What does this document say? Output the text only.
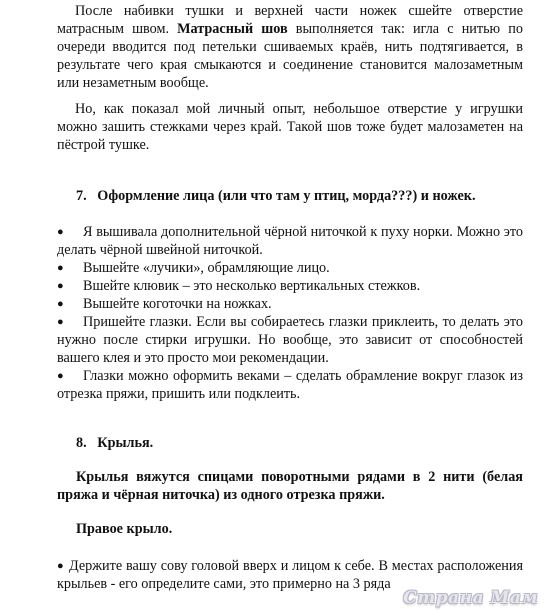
После набивки тушки и верхней части ножек сшейте отверстие матрасным швом. Матрасный шов выполняется так: игла с нитью по очереди вводится под петельки сшиваемых краёв, нить подтягивается, в результате чего края смыкаются и соединение становится малозаметным или незаметным вообще.

Но, как показал мой личный опыт, небольшое отверстие у игрушки можно зашить стежками через край. Такой шов тоже будет малозаметен на пёстрой тушке.

7. Оформление лица (или что там у птиц, морда???) и ножек.

● Я вышивала дополнительной чёрной ниточкой к пуху норки. Можно это делать чёрной швейной ниточкой.

● Вышейте «лучики», обрамляющие лицо.

● Вшейте клювик – это несколько вертикальных стежков.

● Вышейте коготочки на ножках.

● Пришейте глазки. Если вы собираетесь глазки приклеить, то делать это нужно после стирки игрушки. Но вообще, это зависит от способностей вашего клея и это просто мои рекомендации.

● Глазки можно оформить веками – сделать обрамление вокруг глазок из отрезка пряжи, пришить или подклеить.

8. Крылья.

Крылья вяжутся спицами поворотными рядами в 2 нити (белая пряжа и чёрная ниточка) из одного отрезка пряжи.

Правое крыло.

● Держите вашу сову головой вверх и лицом к себе. В местах расположения крыльев - его определите сами, это примерно на 3 ряда

Страна Мам
